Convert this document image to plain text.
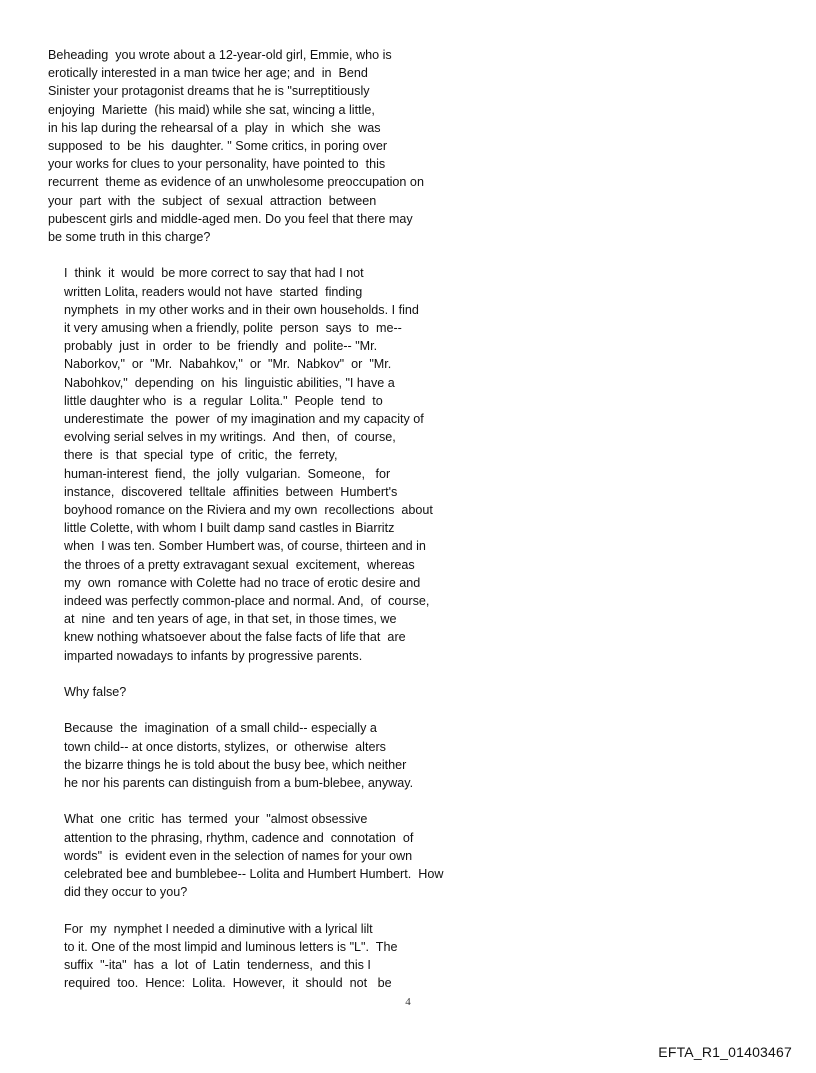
Beheading  you wrote about a 12-year-old girl, Emmie, who is
erotically interested in a man twice her age; and  in  Bend
Sinister your protagonist dreams that he is "surreptitiously
enjoying  Mariette  (his maid) while she sat, wincing a little,
in his lap during the rehearsal of a  play  in  which  she  was
supposed  to  be  his  daughter. " Some critics, in poring over
your works for clues to your personality, have pointed to  this
recurrent  theme as evidence of an unwholesome preoccupation on
your  part  with  the  subject  of  sexual  attraction  between
pubescent girls and middle-aged men. Do you feel that there may
be some truth in this charge?
I  think  it  would  be more correct to say that had I not
written Lolita, readers would not have  started  finding
nymphets  in my other works and in their own households. I find
it very amusing when a friendly, polite  person  says  to  me--
probably  just  in  order  to  be  friendly  and  polite-- "Mr.
Naborkov,"  or  "Mr.  Nabahkov,"  or  "Mr.  Nabkov"  or  "Mr.
Nabohkov,"  depending  on  his  linguistic abilities, "I have a
little daughter who  is  a  regular  Lolita."  People  tend  to
underestimate  the  power  of my imagination and my capacity of
evolving serial selves in my writings.  And  then,  of  course,
there  is  that  special  type  of  critic,  the  ferrety,
human-interest  fiend,  the  jolly  vulgarian.  Someone,   for
instance,  discovered  telltale  affinities  between  Humbert's
boyhood romance on the Riviera and my own  recollections  about
little Colette, with whom I built damp sand castles in Biarritz
when  I was ten. Somber Humbert was, of course, thirteen and in
the throes of a pretty extravagant sexual  excitement,  whereas
my  own  romance with Colette had no trace of erotic desire and
indeed was perfectly common-place and normal. And,  of  course,
at  nine  and ten years of age, in that set, in those times, we
knew nothing whatsoever about the false facts of life that  are
imparted nowadays to infants by progressive parents.
Why false?
Because  the  imagination  of a small child-- especially a
town child-- at once distorts, stylizes,  or  otherwise  alters
the bizarre things he is told about the busy bee, which neither
he nor his parents can distinguish from a bum-blebee, anyway.
What  one  critic  has  termed  your  "almost obsessive
attention to the phrasing, rhythm, cadence and  connotation  of
words"  is  evident even in the selection of names for your own
celebrated bee and bumblebee-- Lolita and Humbert Humbert.  How
did they occur to you?
For  my  nymphet I needed a diminutive with a lyrical lilt
to it. One of the most limpid and luminous letters is "L".  The
suffix  "-ita"  has  a  lot  of  Latin  tenderness,  and this I
required  too.  Hence:  Lolita.  However,  it  should  not   be
4
EFTA_R1_01403467
